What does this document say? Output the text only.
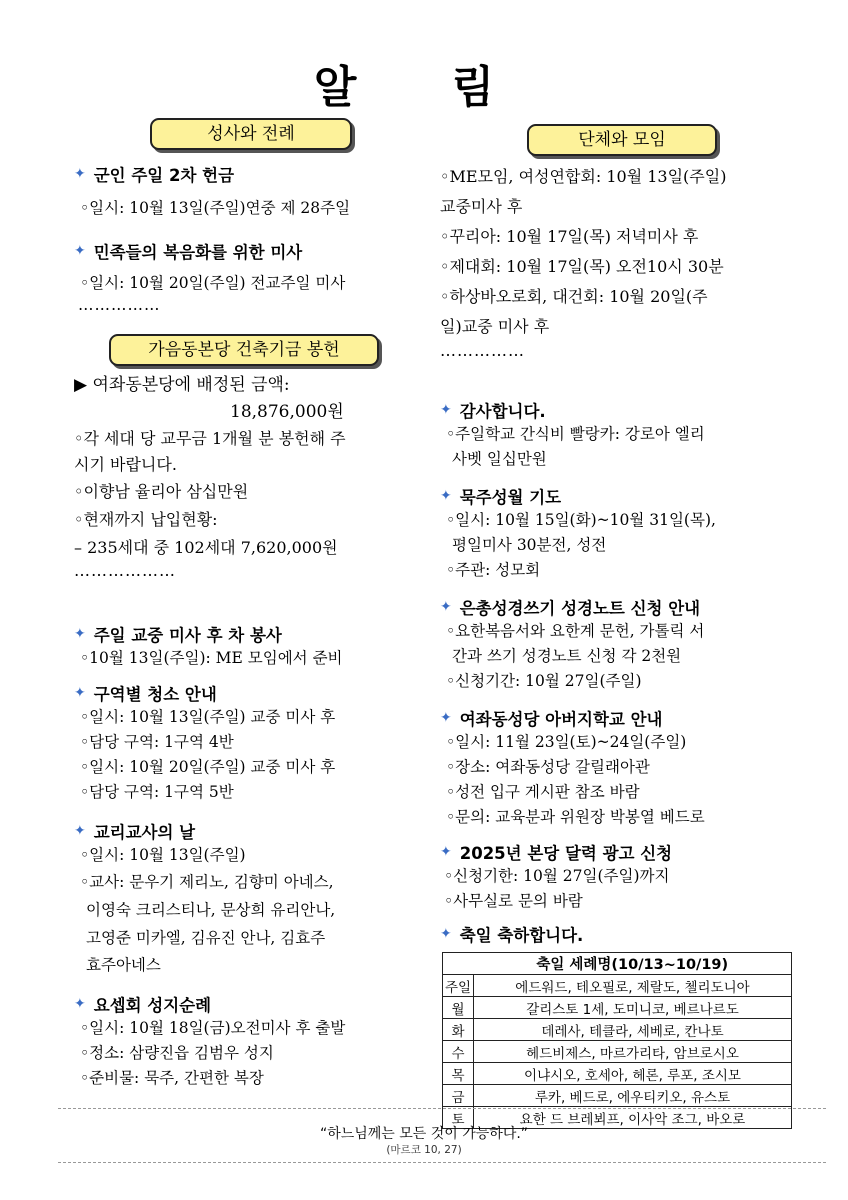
알 림
성사와 전례
가음동본당 건축기금 봉헌
단체와 모임
✦ 군인 주일 2차 헌금
◦일시: 10월 13일(주일)연중 제 28주일
✦ 민족들의 복음화를 위한 미사
◦일시: 10월 20일(주일) 전교주일 미사
……………
▶ 여좌동본당에 배정된 금액:
18,876,000원
◦각 세대 당 교무금 1개월 분 봉헌해 주
시기 바랍니다.
◦이향남 율리아 삼십만원
◦현재까지 납입현황:
– 235세대 중 102세대 7,620,000원
………………
✦ 주일 교중 미사 후 차 봉사
◦10월 13일(주일): ME 모임에서 준비
✦ 구역별 청소 안내
◦일시: 10월 13일(주일) 교중 미사 후
◦담당 구역: 1구역 4반
◦일시: 10월 20일(주일) 교중 미사 후
◦담당 구역: 1구역 5반
✦ 교리교사의 날
◦일시: 10월 13일(주일)
◦교사: 문우기 제리노, 김향미 아네스,
이영숙 크리스티나, 문상희 유리안나,
고영준 미카엘, 김유진 안나, 김효주
효주아네스
✦ 요셉회 성지순례
◦일시: 10월 18일(금)오전미사 후 출발
◦정소: 삼량진읍 김범우 성지
◦준비물: 묵주, 간편한 복장
◦ME모임, 여성연합회: 10월 13일(주일)
교중미사 후
◦꾸리아: 10월 17일(목) 저녁미사 후
◦제대회: 10월 17일(목) 오전10시 30분
◦하상바오로회, 대건회: 10월 20일(주
일)교중 미사 후
……………
✦ 감사합니다.
◦주일학교 간식비 빨랑카: 강로아 엘리
사벳 일십만원
✦ 묵주성월 기도
◦일시: 10월 15일(화)~10월 31일(목),
평일미사 30분전, 성전
◦주관: 성모회
✦ 은총성경쓰기 성경노트 신청 안내
◦요한복음서와 요한계 문헌, 가톨릭 서
간과 쓰기 성경노트 신청 각 2천원
◦신청기간: 10월 27일(주일)
✦ 여좌동성당 아버지학교 안내
◦일시: 11월 23일(토)~24일(주일)
◦장소: 여좌동성당 갈릴래아관
◦성전 입구 게시판 참조 바람
◦문의: 교육분과 위원장 박봉열 베드로
✦ 2025년 본당 달력 광고 신청
◦신청기한: 10월 27일(주일)까지
◦사무실로 문의 바람
✦ 축일 축하합니다.
	축일 세례명(10/13~10/19)
주일	에드워드, 테오필로, 제랄도, 첼리도니아
월	갈리스토 1세, 도미니코, 베르나르도
화	데레사, 테클라, 세베로, 칸나토
수	헤드비제스, 마르가리타, 암브로시오
목	이냐시오, 호세아, 헤론, 루포, 조시모
금	루카, 베드로, 에우티키오, 유스토
토	요한 드 브레뵈프, 이사악 조그, 바오로
“하느님께는 모든 것이 가능하다.”
(마르코 10, 27)
